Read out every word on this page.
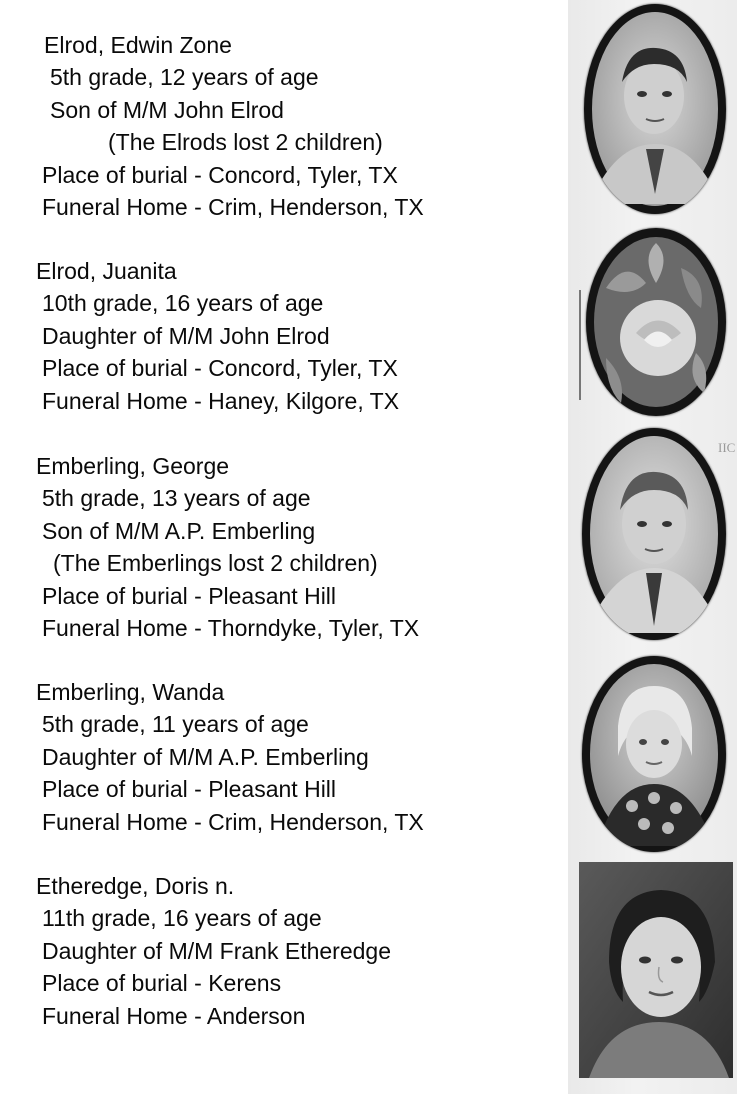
IIC
Elrod, Edwin Zone
5th grade, 12 years of age
Son of M/M John Elrod
(The Elrods lost 2 children)
Place of burial - Concord, Tyler, TX
Funeral Home - Crim, Henderson, TX
Elrod, Juanita
10th grade, 16 years of age
Daughter of M/M John Elrod
Place of burial - Concord, Tyler, TX
Funeral Home - Haney, Kilgore, TX
Emberling, George
5th grade, 13 years of age
Son of M/M A.P. Emberling
(The Emberlings lost 2 children)
Place of burial - Pleasant Hill
Funeral Home - Thorndyke, Tyler, TX
Emberling, Wanda
5th grade, 11 years of age
Daughter of M/M A.P. Emberling
Place of burial - Pleasant Hill
Funeral Home - Crim, Henderson, TX
Etheredge, Doris n.
11th grade, 16 years of age
Daughter of M/M Frank Etheredge
Place of burial - Kerens
Funeral Home - Anderson
